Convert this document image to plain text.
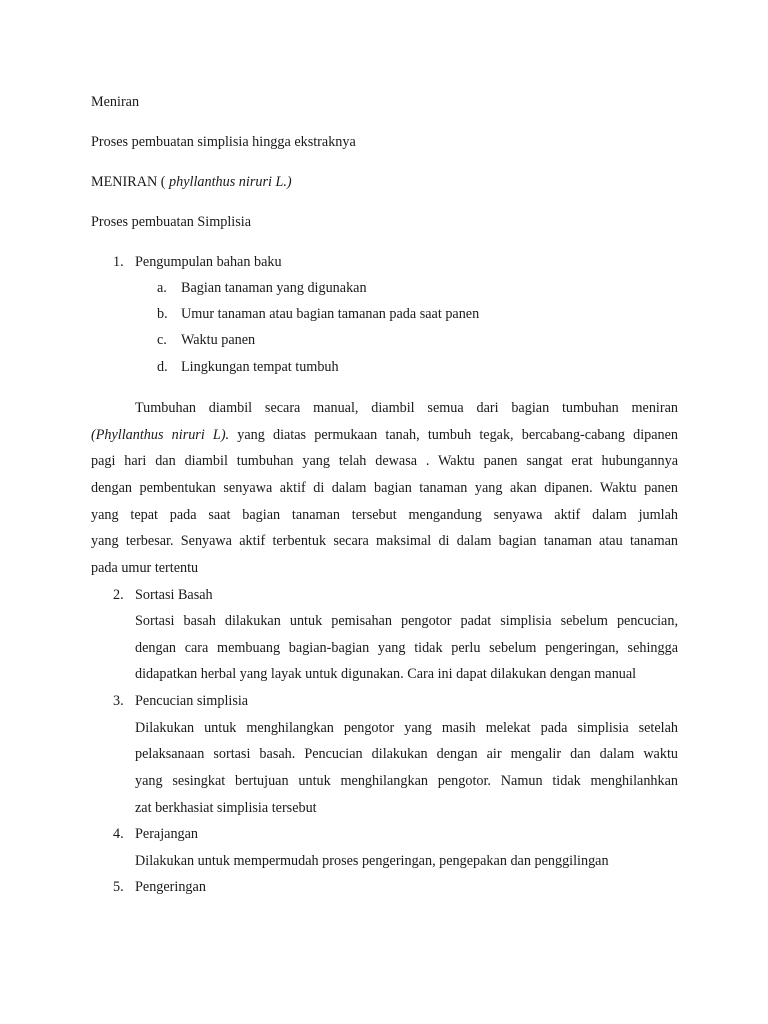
Meniran
Proses pembuatan simplisia hingga ekstraknya
MENIRAN ( phyllanthus niruri L.)
Proses pembuatan Simplisia
1. Pengumpulan bahan baku
a. Bagian tanaman yang digunakan
b. Umur tanaman atau bagian tamanan pada saat panen
c. Waktu panen
d. Lingkungan tempat tumbuh
Tumbuhan diambil secara manual, diambil semua dari bagian tumbuhan meniran
(Phyllanthus niruri L). yang diatas permukaan tanah, tumbuh tegak, bercabang-cabang dipanen
pagi hari dan diambil tumbuhan yang telah dewasa . Waktu panen sangat erat hubungannya
dengan pembentukan senyawa aktif di dalam bagian tanaman yang akan dipanen. Waktu panen
yang tepat pada saat bagian tanaman tersebut mengandung senyawa aktif dalam jumlah
yang terbesar. Senyawa aktif terbentuk secara maksimal di dalam bagian tanaman atau tanaman
pada umur tertentu
2. Sortasi Basah
Sortasi basah dilakukan untuk pemisahan pengotor padat simplisia sebelum pencucian,
dengan cara membuang bagian-bagian yang tidak perlu sebelum pengeringan, sehingga
didapatkan herbal yang layak untuk digunakan. Cara ini dapat dilakukan dengan manual
3. Pencucian simplisia
Dilakukan untuk menghilangkan pengotor yang masih melekat pada simplisia setelah
pelaksanaan sortasi basah. Pencucian dilakukan dengan air mengalir dan dalam waktu
yang sesingkat bertujuan untuk menghilangkan pengotor. Namun tidak menghilanhkan
zat berkhasiat simplisia tersebut
4. Perajangan
Dilakukan untuk mempermudah proses pengeringan, pengepakan dan penggilingan
5. Pengeringan
